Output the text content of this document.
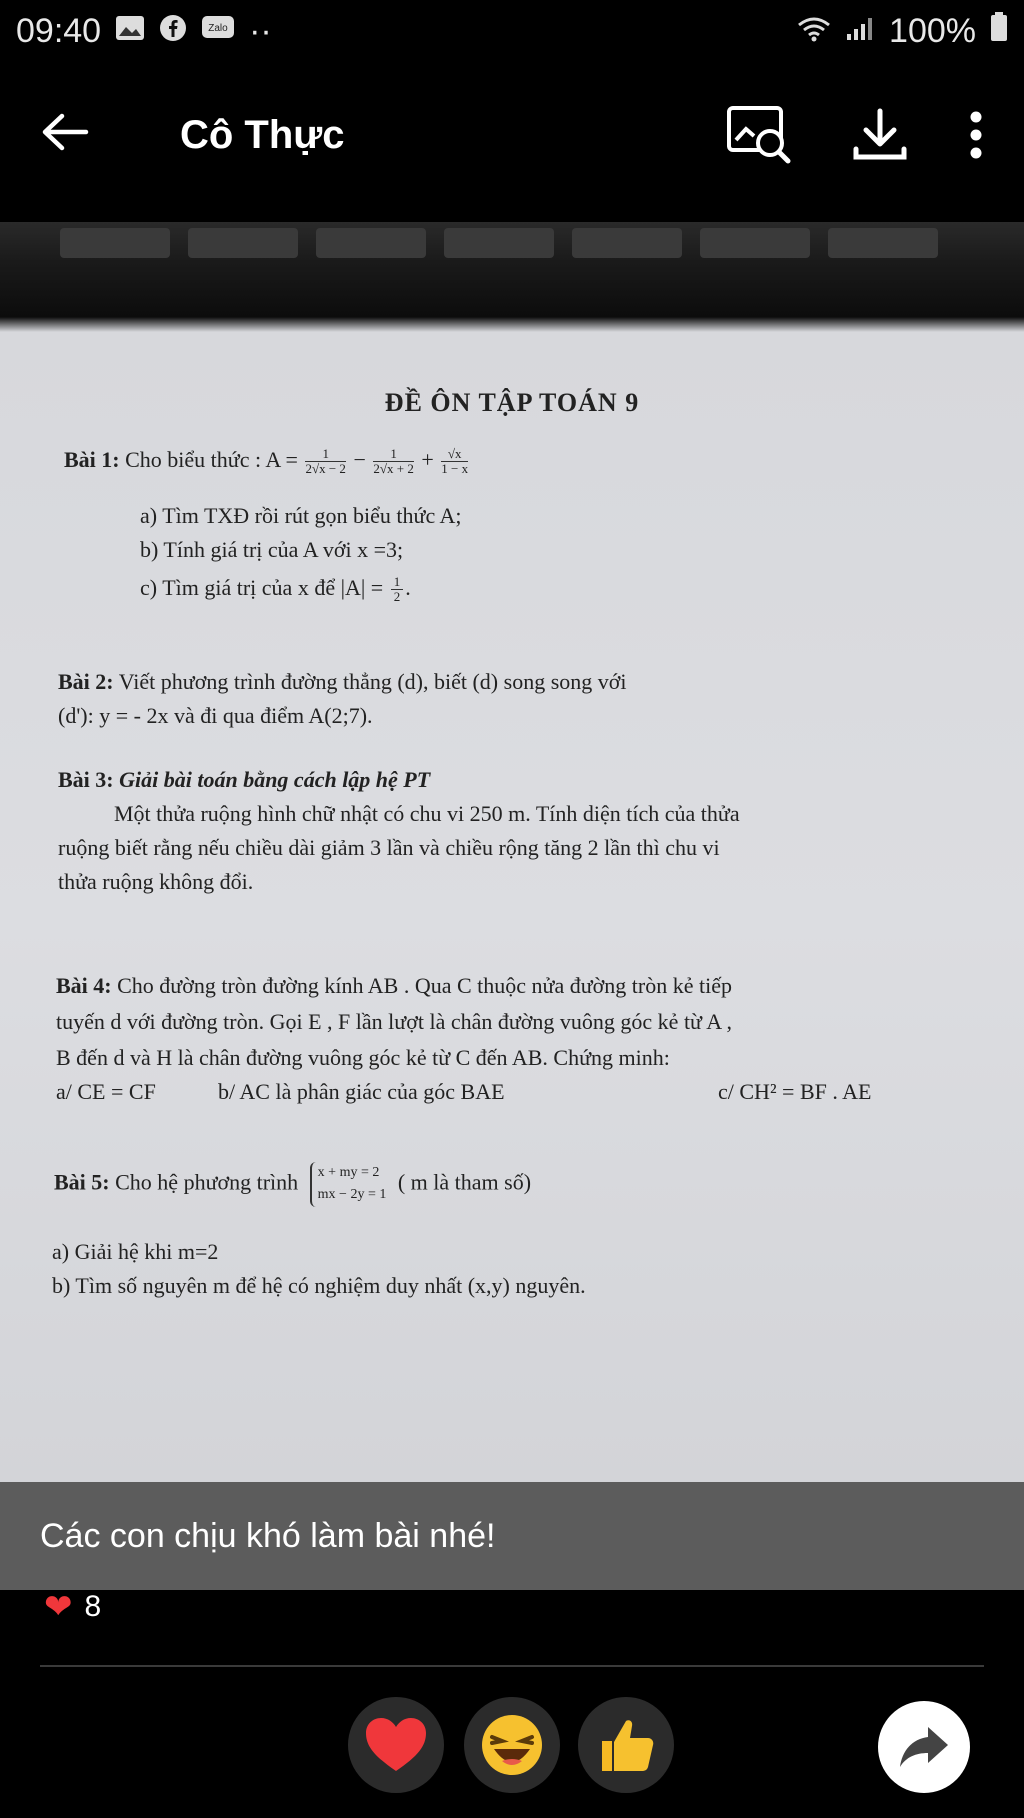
09:40	Zalo ··	100%
Cô Thực
ĐỀ ÔN TẬP TOÁN 9
Bài 1: Cho biểu thức : $A = \frac{1}{2√x - 2} - \frac{1}{2√x + 2} + \frac{√x}{1 - x}$
a) Tìm TXĐ rồi rút gọn biểu thức A;
b) Tính giá trị của A với x =3;
c) Tìm giá trị của x để $|A| = \frac{1}{2}$ .
Bài 2: Viết phương trình đường thẳng (d), biết (d) song song với
(d'): y = - 2x và đi qua điểm A(2;7).
Bài 3: Giải bài toán bằng cách lập hệ PT
Một thửa ruộng hình chữ nhật có chu vi 250 m. Tính diện tích của thửa
ruộng biết rằng nếu chiều dài giảm 3 lần và chiều rộng tăng 2 lần thì chu vi
thửa ruộng không đổi.
Bài 4: Cho đường tròn đường kính AB . Qua C thuộc nửa đường tròn kẻ tiếp
tuyến d với đường tròn. Gọi E , F lần lượt là chân đường vuông góc kẻ từ A ,
B đến d và H là chân đường vuông góc kẻ từ C đến AB. Chứng minh:
a/ CE = CF	b/ AC là phân giác của góc BAE	c/ CH² = BF . AE
Bài 5: Cho hệ phương trình x + my = 2
mx − 2y = 1
( m là tham số)
a) Giải hệ khi m=2
b) Tìm số nguyên m để hệ có nghiệm duy nhất (x,y) nguyên.
Các con chịu khó làm bài nhé!
❤ 8
